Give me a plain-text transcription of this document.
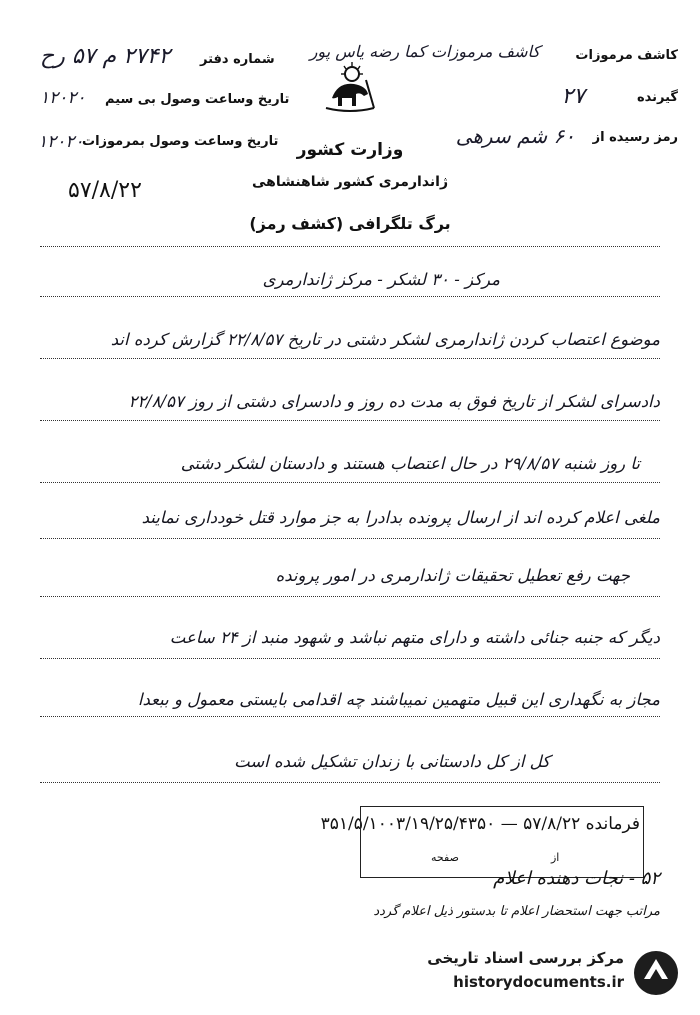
کاشف مرموزات
کاشف مرموزات کما رضه یاس پور
گیرنده
۲۷
رمز رسیده از
۶۰ شم سرهی
شماره دفتر
۲۷۴۲ م ۵۷ رح
تاریخ وساعت وصول بی سیم
۱۲۰۲۰
تاریخ وساعت وصول بمرموزات
۱۲۰۲۰	وزارت کشور
ژاندارمری کشور شاهنشاهی
۵۷/۸/۲۲
برگ تلگرافی (کشف رمز)
مرکز - ۳۰ لشکر - مرکز ژاندارمری
موضوع اعتصاب کردن ژاندارمری لشکر دشتی در تاریخ ۲۲/۸/۵۷ گزارش کرده اند
دادسرای لشکر از تاریخ فوق به مدت ده روز و دادسرای دشتی از روز ۲۲/۸/۵۷
تا روز شنبه ۲۹/۸/۵۷ در حال اعتصاب هستند و دادستان لشکر دشتی
ملغی اعلام کرده اند از ارسال پرونده بدادرا به جز موارد قتل خودداری نمایند
جهت رفع تعطیل تحقیقات ژاندارمری در امور پرونده
دیگر که جنبه جنائی داشته و دارای متهم نباشد و شهود منبد از ۲۴ ساعت
مجاز به نگهداری این قبیل متهمین نمیباشند چه اقدامی بایستی معمول و ببعدا
کل از کل دادستانی با زندان تشکیل شده است
فرمانده ۵۷/۸/۲۲ — ۳۵۱/۵/۱۰۰۳/۱۹/۲۵/۴۳۵۰
صفحه	از
۵۲ - نجات دهنده اعلام
مراتب جهت استحضار اعلام تا بدستور ذیل اعلام گردد
مرکز بررسی اسناد تاریخی
historydocuments.ir
